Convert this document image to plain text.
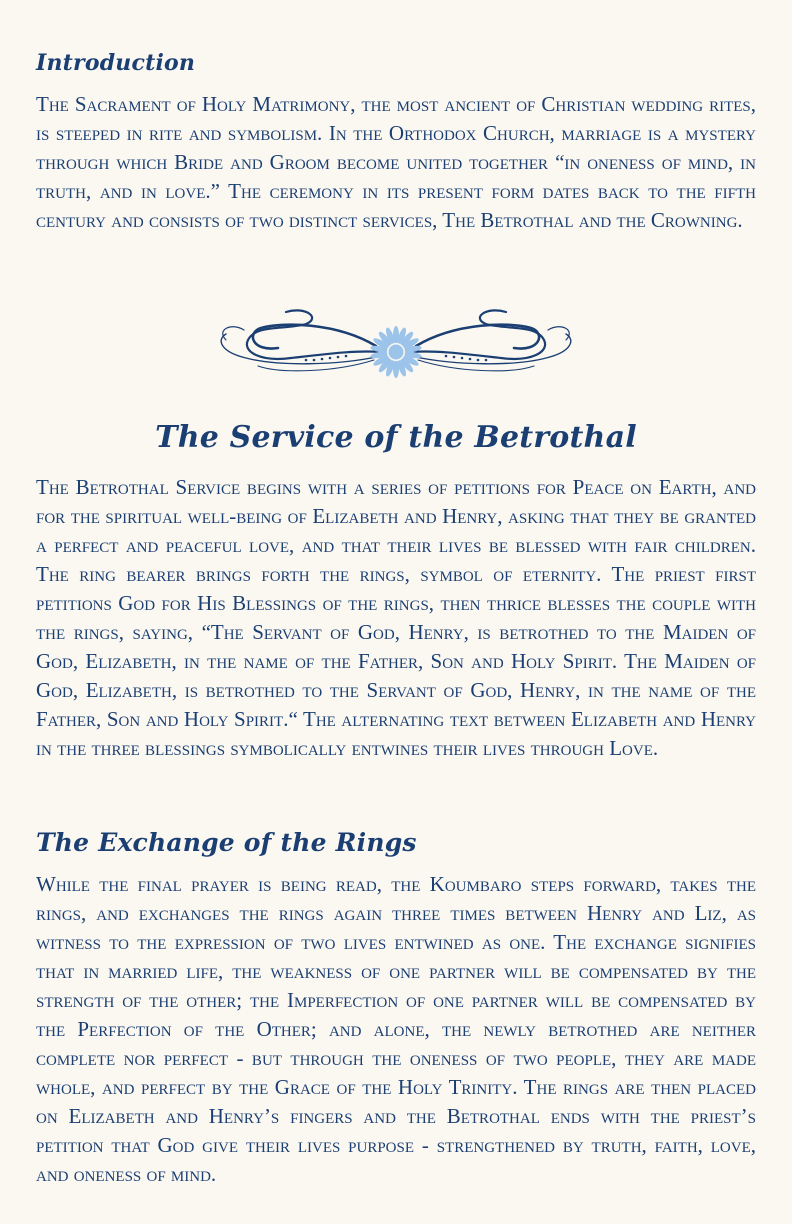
Introduction

The Sacrament of Holy Matrimony, the most ancient of Christian wedding rites, is steeped in rite and symbolism. In the Orthodox Church, marriage is a mystery through which Bride and Groom become united together “in oneness of mind, in truth, and in love.” The ceremony in its present form dates back to the fifth century and consists of two distinct services, The Betrothal and the Crowning.

The Service of the Betrothal

The Betrothal Service begins with a series of petitions for Peace on Earth, and for the spiritual well-being of Elizabeth and Henry, asking that they be granted a perfect and peaceful love, and that their lives be blessed with fair children. The ring bearer brings forth the rings, symbol of eternity. The priest first petitions God for His Blessings of the rings, then thrice blesses the couple with the rings, saying, “The Servant of God, Henry, is betrothed to the Maiden of God, Elizabeth, in the name of the Father, Son and Holy Spirit. The Maiden of God, Elizabeth, is betrothed to the Servant of God, Henry, in the name of the Father, Son and Holy Spirit.“ The alternating text between Elizabeth and Henry in the three blessings symbolically entwines their lives through Love.

The Exchange of the Rings

While the final prayer is being read, the Koumbaro steps forward, takes the rings, and exchanges the rings again three times between Henry and Liz, as witness to the expression of two lives entwined as one. The exchange signifies that in married life, the weakness of one partner will be compensated by the strength of the other; the Imperfection of one partner will be compensated by the Perfection of the Other; and alone, the newly betrothed are neither complete nor perfect - but through the oneness of two people, they are made whole, and perfect by the Grace of the Holy Trinity. The rings are then placed on Elizabeth and Henry’s fingers and the Betrothal ends with the priest’s petition that God give their lives purpose - strengthened by truth, faith, love, and oneness of mind.
